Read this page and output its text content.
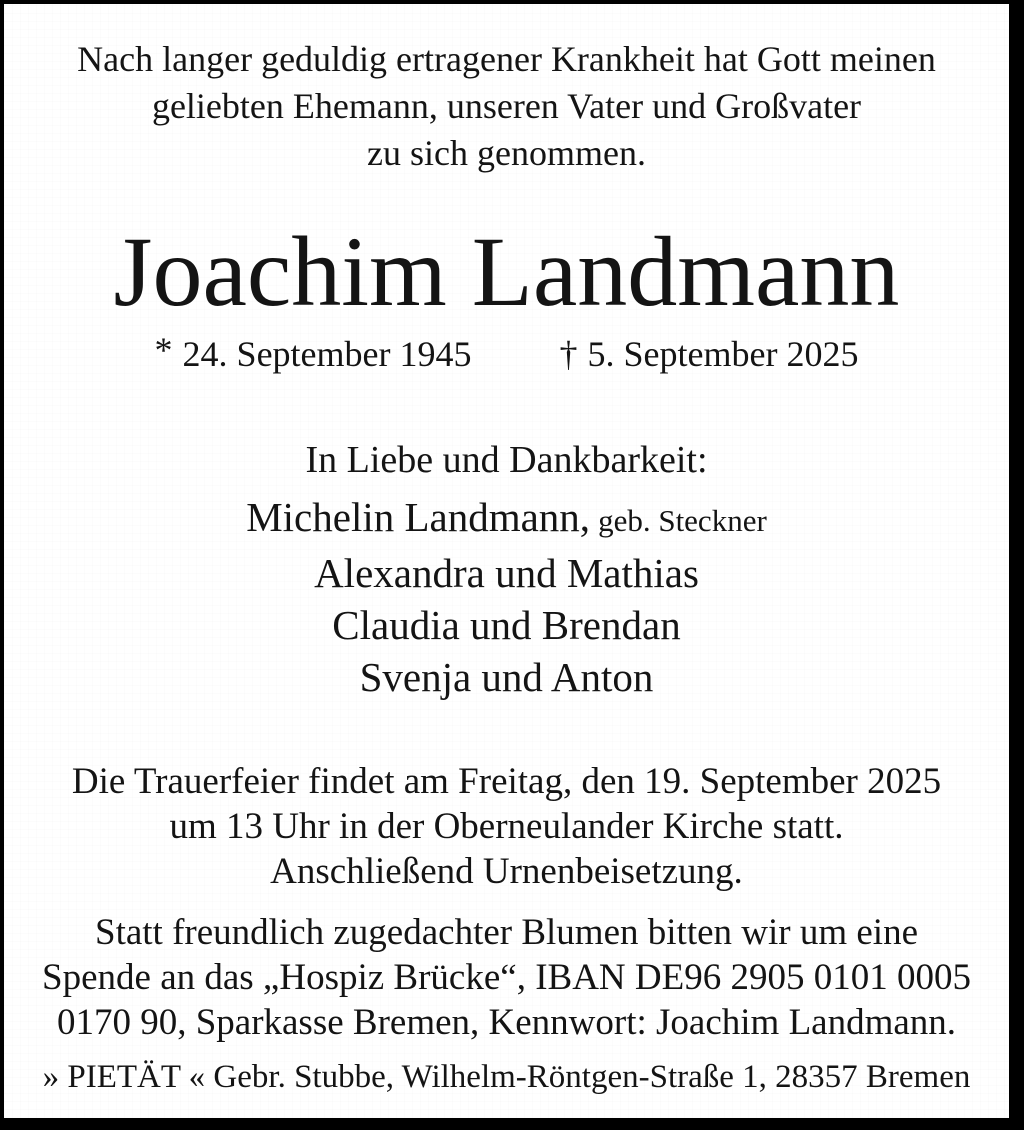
Nach langer geduldig ertragener Krankheit hat Gott meinen
geliebten Ehemann, unseren Vater und Großvater
zu sich genommen.
Joachim Landmann
* 24. September 1945 † 5. September 2025
In Liebe und Dankbarkeit:
Michelin Landmann, geb. Steckner
Alexandra und Mathias
Claudia und Brendan
Svenja und Anton
Die Trauerfeier findet am Freitag, den 19. September 2025
um 13 Uhr in der Oberneulander Kirche statt.
Anschließend Urnenbeisetzung.
Statt freundlich zugedachter Blumen bitten wir um eine
Spende an das „Hospiz Brücke“, IBAN DE96 2905 0101 0005
0170 90, Sparkasse Bremen, Kennwort: Joachim Landmann.
» PIETÄT « Gebr. Stubbe, Wilhelm-Röntgen-Straße 1, 28357 Bremen
